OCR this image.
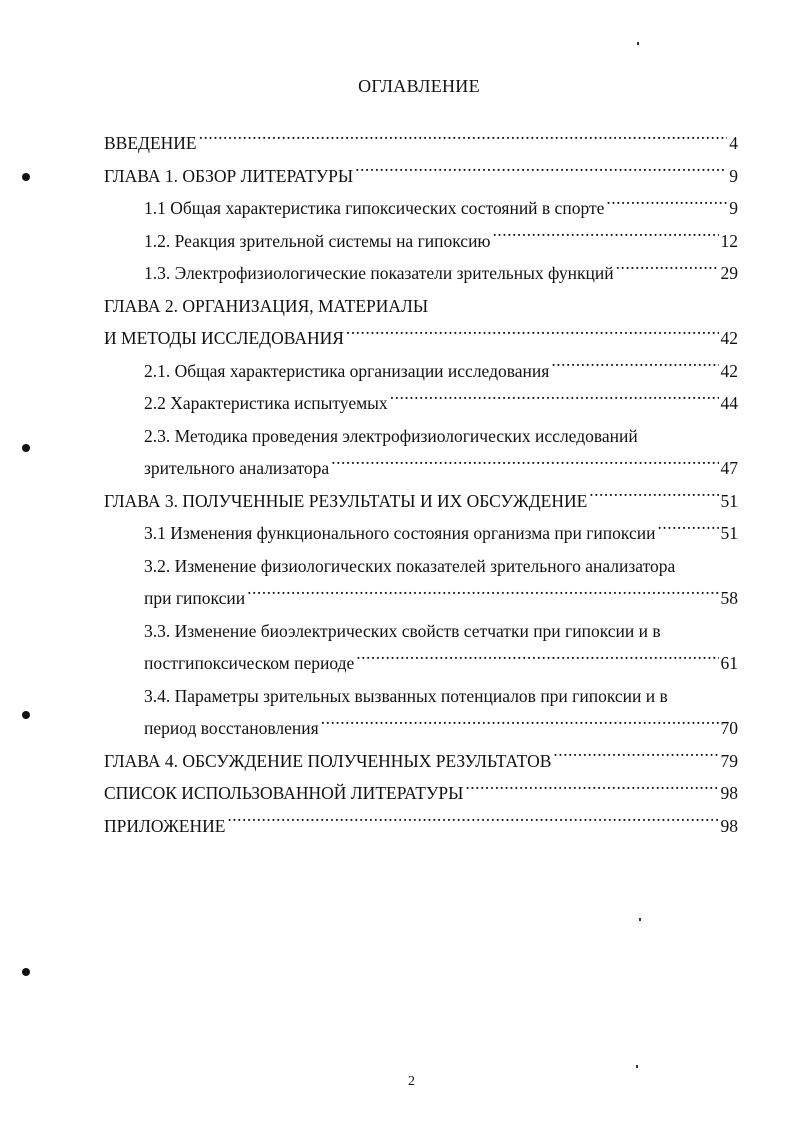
ОГЛАВЛЕНИЕ
ВВЕДЕНИЕ .....	4
ГЛАВА 1. ОБЗОР ЛИТЕРАТУРЫ .....	9
1.1 Общая характеристика гипоксических состояний в спорте .....	9
1.2. Реакция зрительной системы на гипоксию .....	12
1.3. Электрофизиологические показатели зрительных функций .....	29
ГЛАВА 2. ОРГАНИЗАЦИЯ, МАТЕРИАЛЫ
И МЕТОДЫ ИССЛЕДОВАНИЯ .....	42
2.1. Общая характеристика организации исследования .....	42
2.2 Характеристика испытуемых .....	44
2.3. Методика проведения электрофизиологических исследований
зрительного анализатора .....	47
ГЛАВА 3. ПОЛУЧЕННЫЕ РЕЗУЛЬТАТЫ И ИХ ОБСУЖДЕНИЕ .....	51
3.1 Изменения функционального состояния организма при гипоксии .....	51
3.2. Изменение физиологических показателей зрительного анализатора
при гипоксии .....	58
3.3. Изменение биоэлектрических свойств сетчатки при гипоксии и в
постгипоксическом периоде .....	61
3.4. Параметры зрительных вызванных потенциалов при гипоксии и в
период восстановления .....	70
ГЛАВА 4. ОБСУЖДЕНИЕ ПОЛУЧЕННЫХ РЕЗУЛЬТАТОВ .....	79
СПИСОК ИСПОЛЬЗОВАННОЙ ЛИТЕРАТУРЫ .....	98
ПРИЛОЖЕНИЕ .....	98
2
